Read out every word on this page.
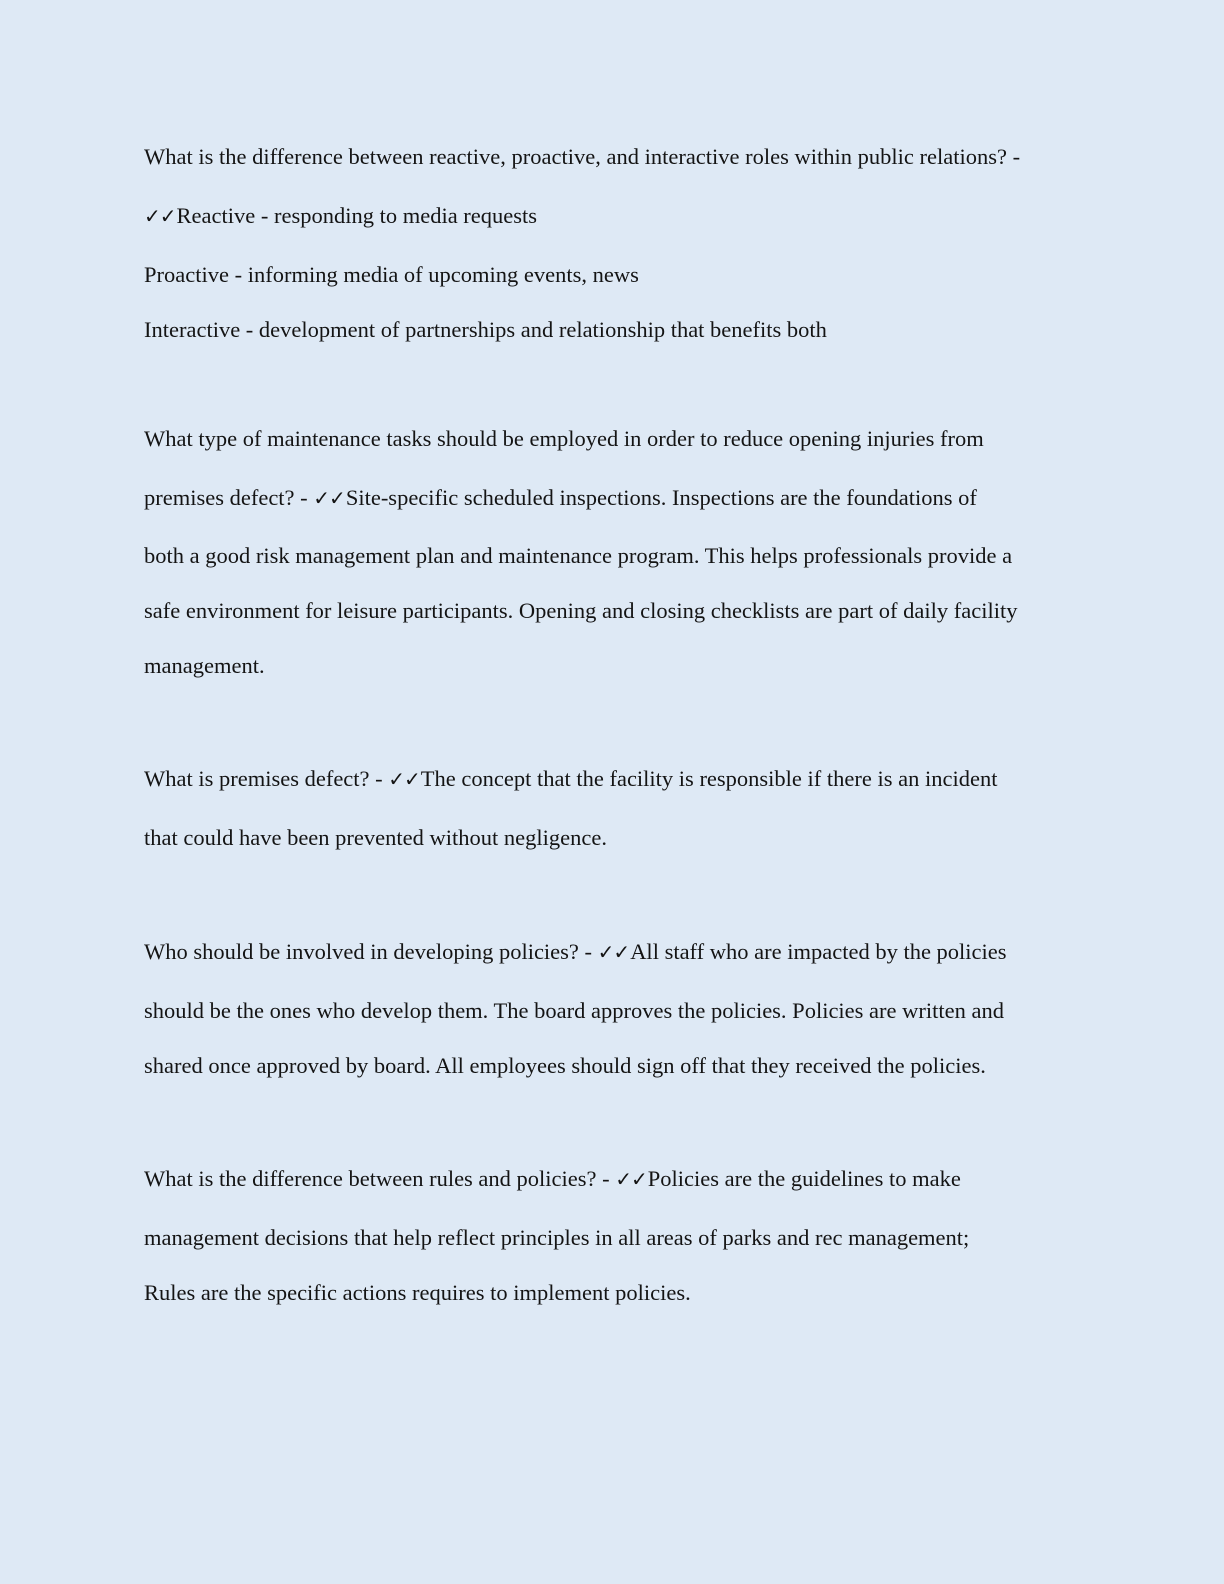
What is the difference between reactive, proactive, and interactive roles within public relations? -

✓✓Reactive - responding to media requests

Proactive - informing media of upcoming events, news

Interactive - development of partnerships and relationship that benefits both

What type of maintenance tasks should be employed in order to reduce opening injuries from

premises defect? - ✓✓Site-specific scheduled inspections. Inspections are the foundations of

both a good risk management plan and maintenance program. This helps professionals provide a

safe environment for leisure participants. Opening and closing checklists are part of daily facility

management.

What is premises defect? - ✓✓The concept that the facility is responsible if there is an incident

that could have been prevented without negligence.

Who should be involved in developing policies? - ✓✓All staff who are impacted by the policies

should be the ones who develop them. The board approves the policies. Policies are written and

shared once approved by board. All employees should sign off that they received the policies.

What is the difference between rules and policies? - ✓✓Policies are the guidelines to make

management decisions that help reflect principles in all areas of parks and rec management;

Rules are the specific actions requires to implement policies.
